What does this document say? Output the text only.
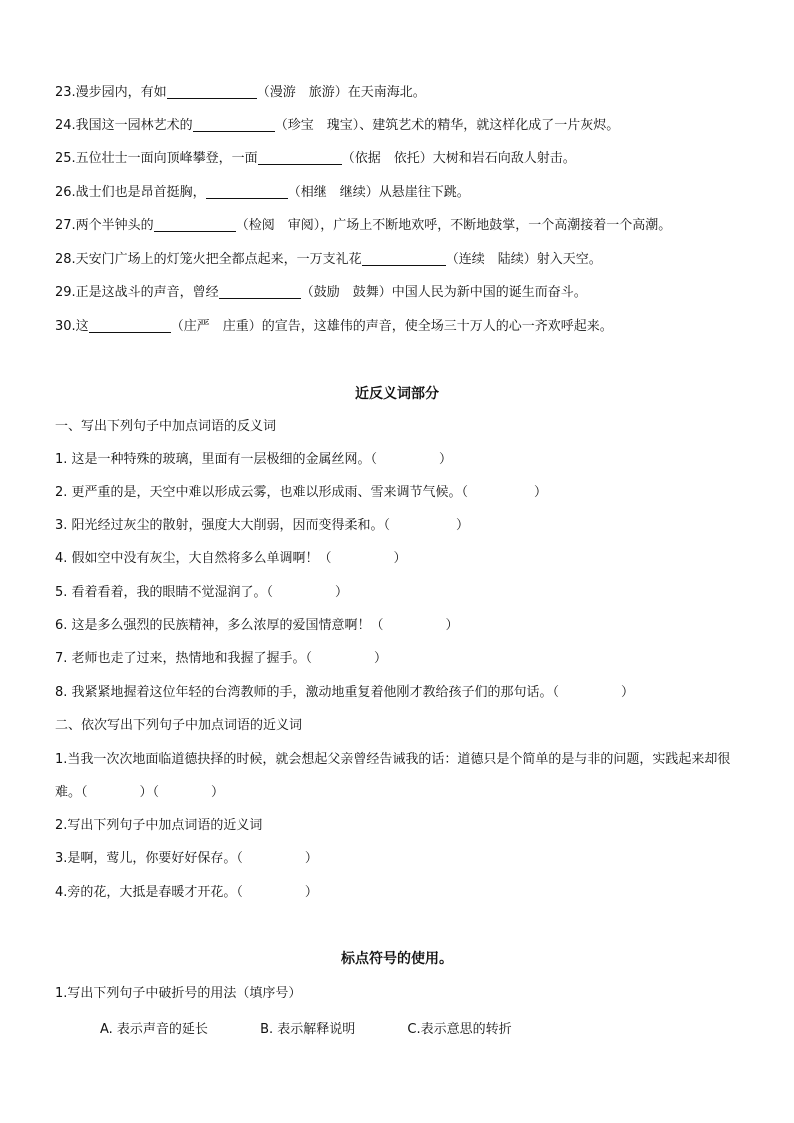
23.漫步园内，有如	（漫游　旅游）在天南海北。
24.我国这一园林艺术的	（珍宝　瑰宝）、建筑艺术的精华，就这样化成了一片灰烬。
25.五位壮士一面向顶峰攀登，一面	（依据　依托）大树和岩石向敌人射击。
26.战士们也是昂首挺胸，	（相继　继续）从悬崖往下跳。
27.两个半钟头的	（检阅　审阅），广场上不断地欢呼，不断地鼓掌，一个高潮接着一个高潮。
28.天安门广场上的灯笼火把全都点起来，一万支礼花	（连续　陆续）射入天空。
29.正是这战斗的声音，曾经	（鼓励　鼓舞）中国人民为新中国的诞生而奋斗。
30.这	（庄严　庄重）的宣告，这雄伟的声音，使全场三十万人的心一齐欢呼起来。
近反义词部分
一、写出下列句子中加点词语的反义词
1. 这是一种特殊的玻璃，里面有一层极细的金属丝网。（	）
2. 更严重的是，天空中难以形成云雾，也难以形成雨、雪来调节气候。（	）
3. 阳光经过灰尘的散射，强度大大削弱，因而变得柔和。（	）
4. 假如空中没有灰尘，大自然将多么单调啊！（	）
5. 看着看着，我的眼睛不觉湿润了。（	）
6. 这是多么强烈的民族精神，多么浓厚的爱国情意啊！（	）
7. 老师也走了过来，热情地和我握了握手。（	）
8. 我紧紧地握着这位年轻的台湾教师的手，激动地重复着他刚才教给孩子们的那句话。（	）
二、依次写出下列句子中加点词语的近义词
1.当我一次次地面临道德抉择的时候，就会想起父亲曾经告诫我的话：道德只是个简单的是与非的问题，实践起来却很难。（　　　　）（　　　　）
2.写出下列句子中加点词语的近义词
3.是啊，莺儿，你要好好保存。（	）
4.旁的花，大抵是春暖才开花。（	）
标点符号的使用。
1.写出下列句子中破折号的用法（填序号）
A. 表示声音的延长	B. 表示解释说明	C.表示意思的转折
